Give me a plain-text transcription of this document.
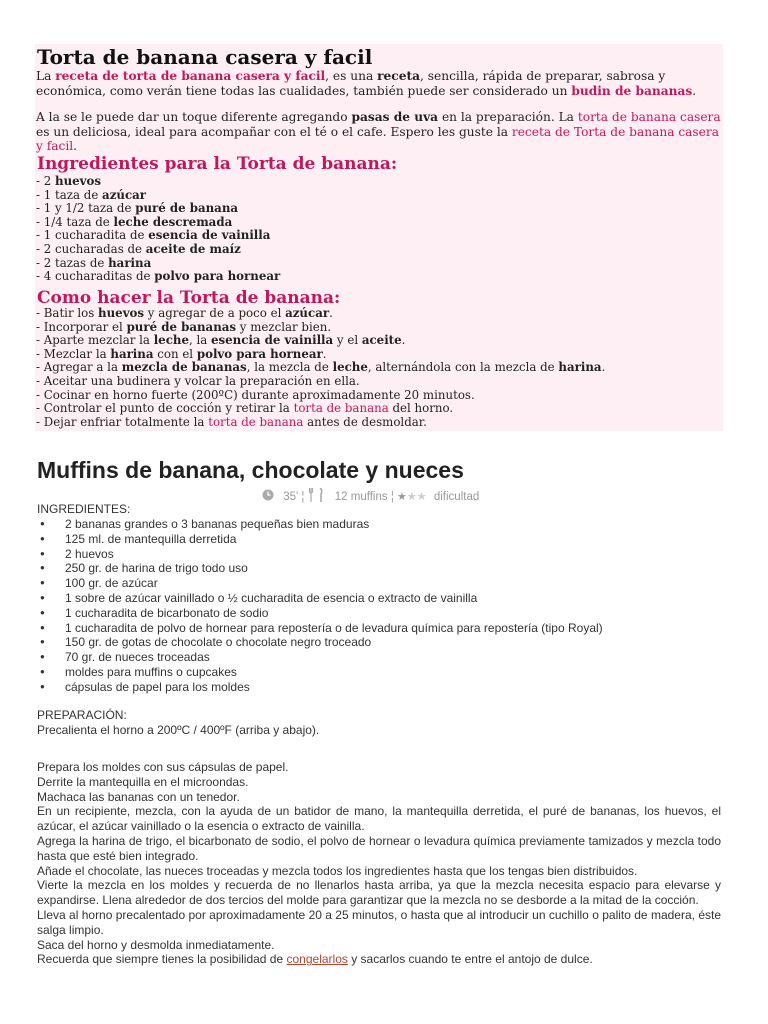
Torta de banana casera y facil

La receta de torta de banana casera y facil, es una receta, sencilla, rápida de preparar, sabrosa y económica, como verán tiene todas las cualidades, también puede ser considerado un budin de bananas.

A la se le puede dar un toque diferente agregando pasas de uva en la preparación. La torta de banana casera es un deliciosa, ideal para acompañar con el té o el cafe. Espero les guste la receta de Torta de banana casera y facil.

Ingredientes para la Torta de banana:
- 2 huevos
- 1 taza de azúcar
- 1 y 1/2 taza de puré de banana
- 1/4 taza de leche descremada
- 1 cucharadita de esencia de vainilla
- 2 cucharadas de aceite de maíz
- 2 tazas de harina
- 4 cucharaditas de polvo para hornear
Como hacer la Torta de banana:
- Batir los huevos y agregar de a poco el azúcar.
- Incorporar el puré de bananas y mezclar bien.
- Aparte mezclar la leche, la esencia de vainilla y el aceite.
- Mezclar la harina con el polvo para hornear.
- Agregar a la mezcla de bananas, la mezcla de leche, alternándola con la mezcla de harina.
- Aceitar una budinera y volcar la preparación en ella.
- Cocinar en horno fuerte (200ºC) durante aproximadamente 20 minutos.
- Controlar el punto de cocción y retirar la torta de banana del horno.
- Dejar enfriar totalmente la torta de banana antes de desmoldar.
Muffins de banana, chocolate y nueces
35' ¦	12 muffins ¦ ★★★ dificultad

INGREDIENTES:

● 2 bananas grandes o 3 bananas pequeñas bien maduras
● 125 ml. de mantequilla derretida
● 2 huevos
● 250 gr. de harina de trigo todo uso
● 100 gr. de azúcar
● 1 sobre de azúcar vainillado o ½ cucharadita de esencia o extracto de vainilla
● 1 cucharadita de bicarbonato de sodio
● 1 cucharadita de polvo de hornear para repostería o de levadura química para repostería (tipo Royal)
● 150 gr. de gotas de chocolate o chocolate negro troceado
● 70 gr. de nueces troceadas
● moldes para muffins o cupcakes
● cápsulas de papel para los moldes

PREPARACIÓN:

Precalienta el horno a 200ºC / 400ºF (arriba y abajo).

Prepara los moldes con sus cápsulas de papel.

Derrite la mantequilla en el microondas.

Machaca las bananas con un tenedor.

En un recipiente, mezcla, con la ayuda de un batidor de mano, la mantequilla derretida, el puré de bananas, los huevos, el azúcar, el azúcar vainillado o la esencia o extracto de vainilla.

Agrega la harina de trigo, el bicarbonato de sodio, el polvo de hornear o levadura química previamente tamizados y mezcla todo hasta que esté bien integrado.

Añade el chocolate, las nueces troceadas y mezcla todos los ingredientes hasta que los tengas bien distribuidos.

Vierte la mezcla en los moldes y recuerda de no llenarlos hasta arriba, ya que la mezcla necesita espacio para elevarse y expandirse. Llena alrededor de dos tercios del molde para garantizar que la mezcla no se desborde a la mitad de la cocción.

Lleva al horno precalentado por aproximadamente 20 a 25 minutos, o hasta que al introducir un cuchillo o palito de madera, éste salga limpio.

Saca del horno y desmolda inmediatamente.

Recuerda que siempre tienes la posibilidad de congelarlos y sacarlos cuando te entre el antojo de dulce.
